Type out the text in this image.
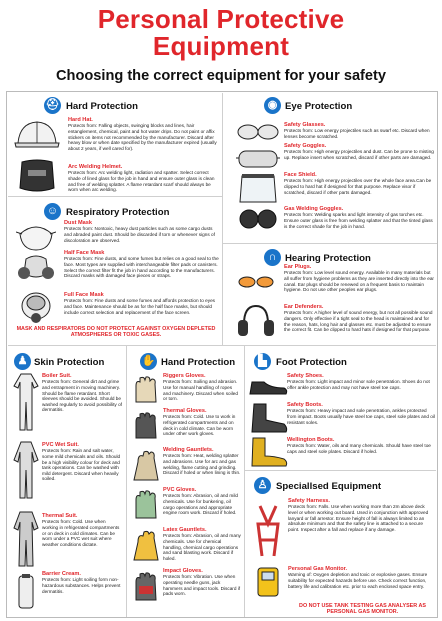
Personal Protective
Equipment
Choosing the correct equipment for your safety
⛑ Hard Protection
Hard Hat.
Protects from: Falling objects, swinging blocks and lines, hair entanglement, chemical, paint and hot water drips. Do not paint or affix stickers on items not recommended by the manufacturer. Discard after heavy blow or when date specified by the manufacturer expired (usually about 2 years, if well cared for).
Arc Welding Helmet.
Protects from: Arc welding light, radiation and spatter. Select correct shade of lined glass for the job in hand and ensure outer glass is clean and free of welding splatter. A flame retardant scarf should always be worn when arc welding.
☺ Respiratory Protection
Dust Mask
Protects from: Nontoxic, heavy dust particles such as some cargo dusts and abraded paint dust. Should be discarded if torn or whenever signs of discoloration are observed.
Half Face Mask
Protects from: Fine dusts, and some fumes but relies on a good seal to the face. Most types are supplied with interchangeable filter pads or canisters. Select the correct filter fit the job in hand according to the manufacturers. Discard masks with damaged face pieces or straps.
Full Face Mask
Protects from: Fine dusts and some fumes and affords protection to eyes and face. Maintenance should be as for the half face masks, but should include correct selection and replacement of the face screen.
MASK AND RESPIRATORS DO NOT PROTECT AGAINST OXYGEN DEPLETED ATMOSPHERES OR TOXIC GASES.
◉ Eye Protection
Safety Glasses.
Protects from: Low energy projectiles such as swarf etc. Discard when lenses become scratched.
Safety Goggles.
Protects from: High energy projectiles and dust. Can be prone to misting up. Replace insert when scratched, discard if other parts are damaged.
Face Shield.
Protects from: High energy projectiles over the whole face area.Can be clipped to hard hat if designed for that purpose. Replace visor if scratched, discard if other parts damaged.
Gas Welding Goggles.
Protects from: Welding sparks and light intensity of gas torches etc. Ensure outer glass is free from welding splatter and that the tinted glass is the correct shade for the job in hand.
∩ Hearing Protection
Ear Plugs.
Protects from: Low level sound energy. Available in many materials but all suffer from hygiene problems as they are inserted directly into the ear canal. Ear plugs should be renewed on a frequent basis to maintain hygiene. Do not use other peoples ear plugs.
Ear Defenders.
Protects from: A higher level of sound energy, but not all possible sound dangers. Only effective if a tight seal to the head is maintained and for the reason, hats, long hair and glasses etc. must be adjusted to ensure the correct fit. Can be clipped to hard hats if designed for that purpose.
♟ Skin Protection
Boiler Suit.
Protects from: General dirt and grime and entrapment in moving machinery. Should be flame retardant. Short sleeves should be avoided. Should be washed regularly to avoid possibility of dermatitis.
PVC Wet Suit.
Protects from: Rain and salt water, some mild chemicals and oils. Should be a high visibility colour for deck and tank operations. Can be washed with mild detergent. Discard when heavily soiled.
Thermal Suit.
Protects from: Cold. Use when working in refrigerated compartments or on deck in cold climates. Can be worn under a PVC wet suit where weather conditions dictate.
Barrier Cream.
Protects from: Light soiling form non-hazardous substances. Helps prevent dermatitis.
✋ Hand Protection
Riggers Gloves.
Protects from: Soiling and abrasion. Use for manual handling of ropes and machinery. Discard when soiled or torn.
Thermal Gloves.
Protects from: Cold. Use to work in refrigerated compartments and on deck in cold climate. Can be worn under other work gloves.
Welding Gauntlets.
Protects from: Heat, welding splatter and abrasions. Use for arc and gas welding, flame cutting and grinding. Discard if holed or when lining is thin.
PVC Gloves.
Protects from: Abrasion, oil and mild chemicals. Use for bunkering, oil cargo operations and appropriate engine room work. Discard if holed.
Latex Gauntlets.
Protects from: Abrasion, oil and many chemicals. Use for chemical handling, chemical cargo operations and sand blasting work. Discard if holed.
Impact Gloves.
Protects from: Vibration. Use when operating needle guns, jack hammers and impact tools. Discard if pads worn.
▙ Foot Protection
Safety Shoes.
Protects from: Light impact and minor sole penetration. Shoes do not offer ankle protection and may not have steel toe caps.
Safety Boots.
Protects from: Heavy impact and sole penetration, ankles protected from impact. Boots usually have steel toe caps, steel sole plates and oil resistant soles.
Wellington Boots.
Protects from: Water, oils and many chemicals. Should have steel toe caps and steel sole plates. Discard if holed.
♙ Speciallsed Equipment
Safety Harness.
Protects from: Falls. Use when working more than 2m above deck level or when working out board. Used in conjunction with approved lanyard or fall arrestor. Ensure height of fall is always limited to an absolute minimum and that the safety line is attached to a secure point. Inspect after a fall and replace if any damage.
Personal Gas Monitor.
Warning of: Oxygen depletion and toxic or explosive gases. Ensure suitability for expected hazards before use. Check correct function, battery life and calibration etc. prior to each enclosed space entry.
DO NOT USE TANK TESTING GAS ANALYSER AS PERSONAL GAS MONITOR.
